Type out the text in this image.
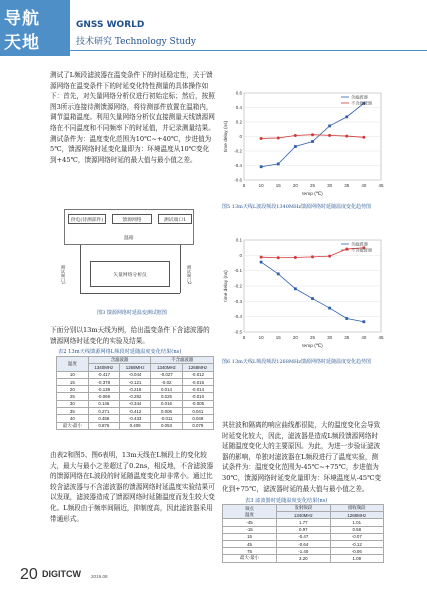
导航
天地
GNSS WORLD
技术研究 Technology Study

测试了L频段滤波器在温变条件下的时延稳定性，关于馈源网络在温变条件下的时延变化特性测量的具体操作如下：首先，对矢量网络分析仪进行初始定标；然后，按照图3所示连接待测馈源网络，将待测部件放置在温箱内，调节温箱温度。利用矢量网络分析仪直接测量天线馈源网络在不同温度和不同频率下的时延值，并记录测量结果。测试条件为：温度变化范围为10℃~+40℃，步进值为5℃，馈源网络时延变化量即为：环境温度从10℃变化到+45℃，馈源网络时延的最大值与最小值之差。

供电(待测部件)	馈源网络	测试端口1
温箱
矢量网络分析仪
测试端口1	测试端口2
图3 馈源网络时延温变测试框图

下面分别以13m天线为例，给出温变条件下含滤波器的馈源网络时延变化的实验及结果。

表2 13m天线馈源网络L频段时延随温度变化结果(ns)
温度	含滤波器		不含滤波器	
	1340MHz	1268MHz	1340MHz	1268MHz
10	-0.417	-0.044	-0.027	-0.012
15	-0.378	-0.121	-0.02	-0.016
20	-0.138	-0.218	0.014	-0.014
25	-0.069	-0.282	0.025	-0.010
30	0.146	-0.344	0.016	-0.005
35	0.271	-0.412	0.006	0.041
40	0.458	-0.433	-0.011	0.049
最大-最小	0.876	0.409	0.053	0.079

由表2和图5、图6表明，13m天线在L频段上的变化较大，最大与最小之差超过了0.2ns，相反地，不含滤波器的馈源网络在L波段的时延随温度变化却非常小。通过比较含滤波器与不含滤波器的馈源网络时延温度实验结果可以发现，滤波器造成了馈源网络时延随温度而发生较大变化。L频段由于频率间隔近，抑制度高，因此滤波器采用带通形式。

-0.6
-0.4
-0.2
0
0.2
0.4
0.6
5	10	15	20	25	30	35	40	45
temp (℃)
time delay (ns)
含滤波器
不含滤波器
图5 13m天线L波段频段1340MHz馈源网络时延随温度变化趋势图
-0.5
-0.4
-0.3
-0.2
-0.1
0
0.1
5	10	15	20	25	30	35	40	45
temp (℃)
time delay (ns)
含滤波器
不含滤波器
图6 13m天线L频段频段1268MHz馈源网络时延随温度变化趋势图

其驻波和隔离的响应曲线都很陡，大的温度变化会导致时延变化较大，因此，滤波器是造成L频段馈源网络时延随温度变化大的主要原因。为此，为进一步验证滤波器的影响，单独对滤波器在L频段进行了温度实验，测试条件为：温度变化范围为-45℃~+75℃，步进值为30℃，馈源网络时延变化量即为：环境温度从-45℃变化到+75℃，滤波器时延的最大值与最小值之差。

表3 滤波器时延随温度变化结果(ns)
频点
温度	发射频段	接收频段
	1340MHz	1268MHz
-45	1.77	1.01
-15	0.97	0.58
15	-0.47	-0.07
45	-0.64	-0.12
75	-1.40	-0.06
最大-最小	3.20	1.09
20 DIGITCW 2019.08
